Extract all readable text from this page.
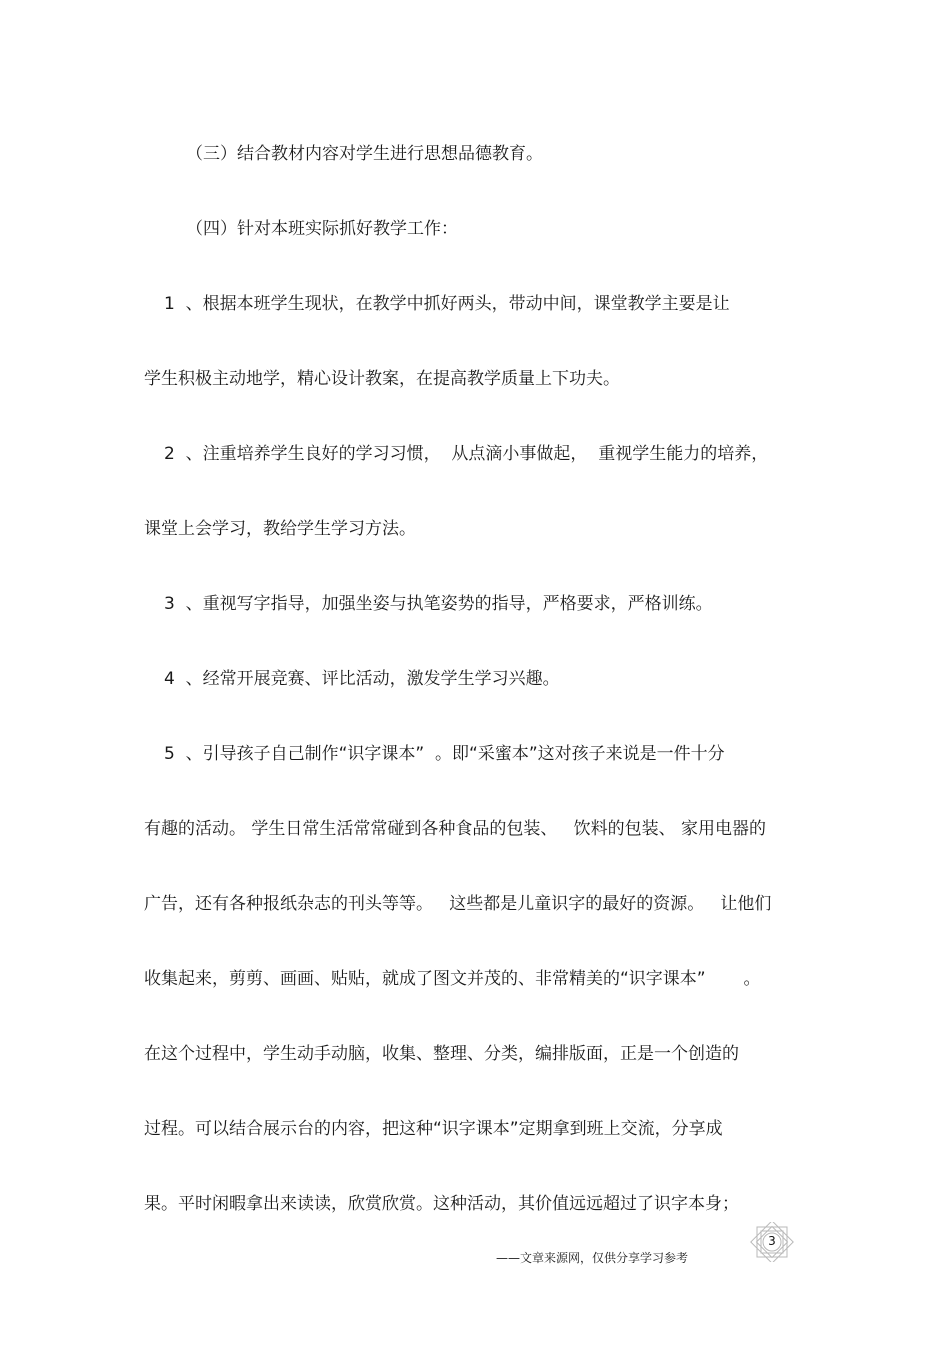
（三）结合教材内容对学生进行思想品德教育。

（四）针对本班实际抓好教学工作：

1  、根据本班学生现状，在教学中抓好两头，带动中间，课堂教学主要是让

学生积极主动地学，精心设计教案，在提高教学质量上下功夫。

2  、注重培养学生良好的学习习惯，  从点滴小事做起，  重视学生能力的培养，

课堂上会学习，教给学生学习方法。

3  、重视写字指导，加强坐姿与执笔姿势的指导，严格要求，严格训练。

4  、经常开展竞赛、评比活动，激发学生学习兴趣。

5  、引导孩子自己制作“识字课本”  。即“采蜜本”这对孩子来说是一件十分

有趣的活动。 学生日常生活常常碰到各种食品的包装、   饮料的包装、 家用电器的

广告，还有各种报纸杂志的刊头等等。   这些都是儿童识字的最好的资源。   让他们

收集起来，剪剪、画画、贴贴，就成了图文并茂的、非常精美的“识字课本”       。

在这个过程中，学生动手动脑，收集、整理、分类，编排版面，正是一个创造的

过程。可以结合展示台的内容，把这种“识字课本”定期拿到班上交流，分享成

果。平时闲暇拿出来读读，欣赏欣赏。这种活动，其价值远远超过了识字本身；

3
——文章来源网，仅供分享学习参考
